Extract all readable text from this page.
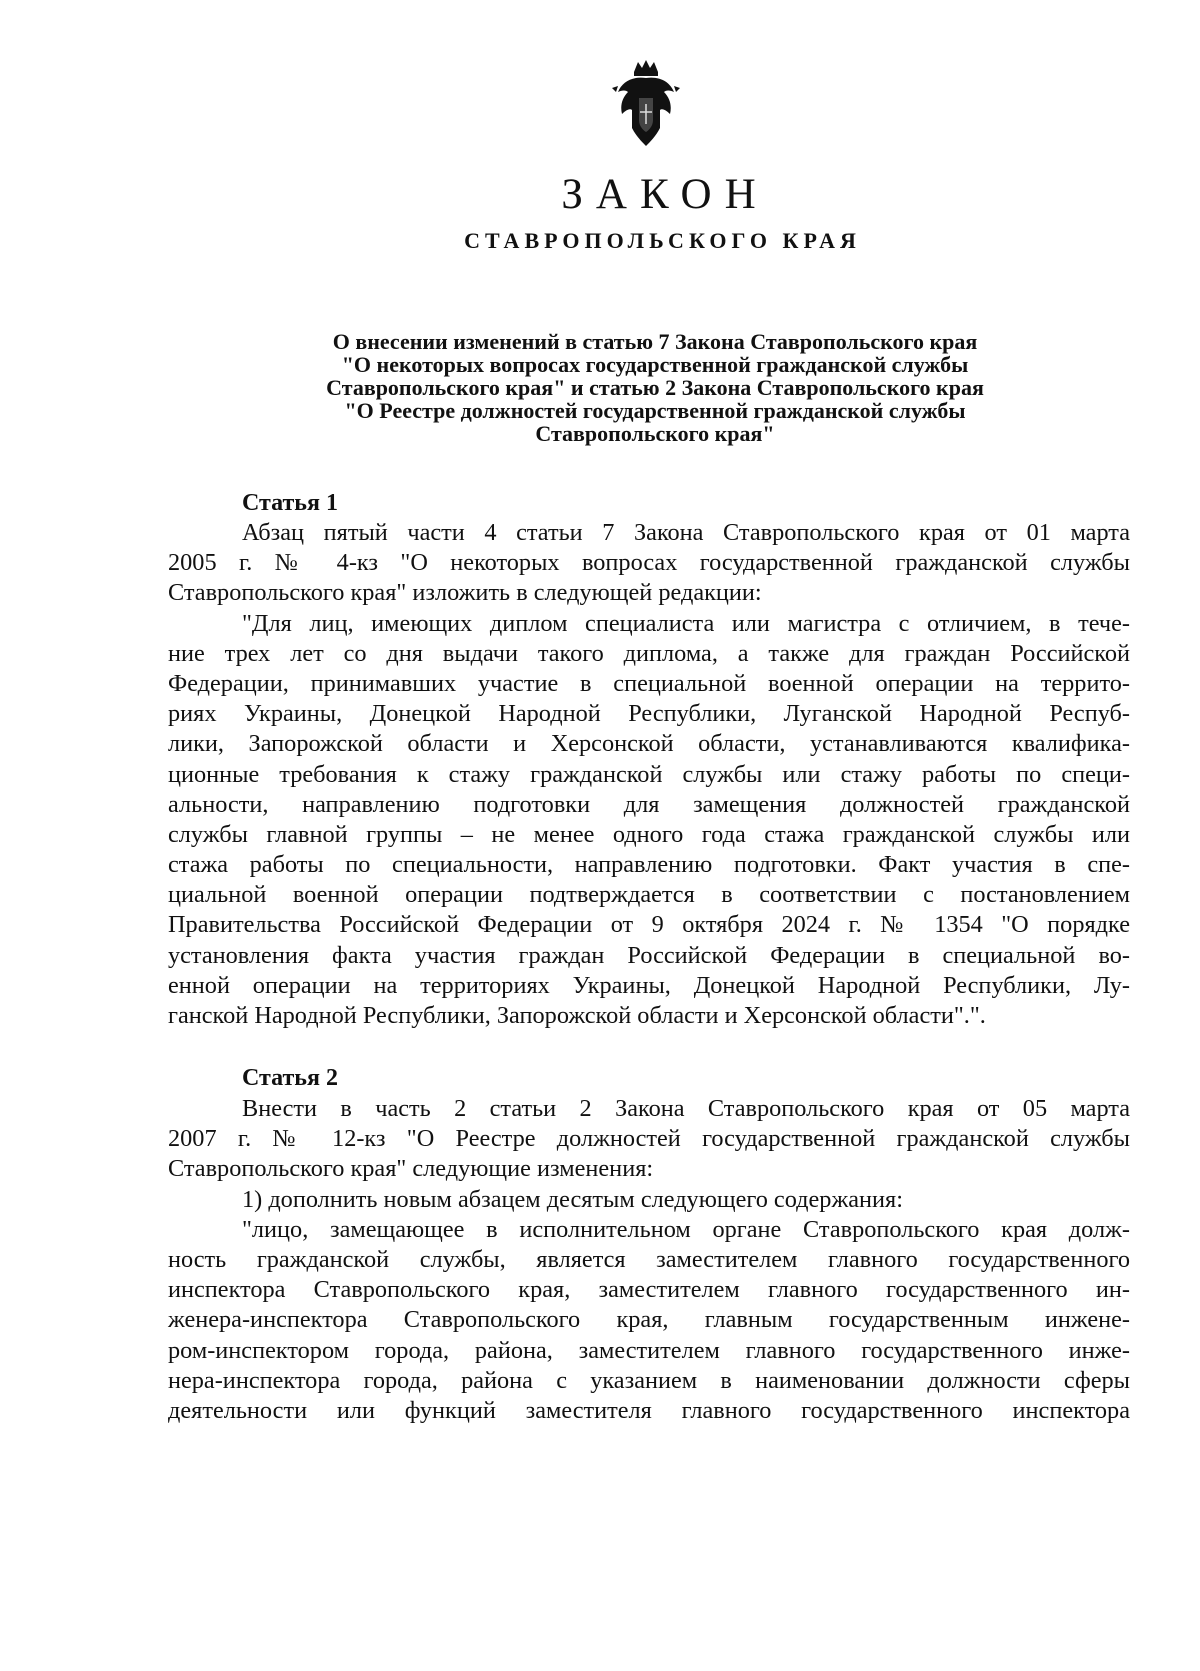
ЗАКОН
СТАВРОПОЛЬСКОГО КРАЯ
О внесении изменений в статью 7 Закона Ставропольского края
"О некоторых вопросах государственной гражданской службы
Ставропольского края" и статью 2 Закона Ставропольского края
"О Реестре должностей государственной гражданской службы
Ставропольского края"
Статья 1
Абзац пятый части 4 статьи 7 Закона Ставропольского края от 01 марта
2005 г. № 4-кз "О некоторых вопросах государственной гражданской службы
Ставропольского края" изложить в следующей редакции:
"Для лиц, имеющих диплом специалиста или магистра с отличием, в тече-
ние трех лет со дня выдачи такого диплома, а также для граждан Российской
Федерации, принимавших участие в специальной военной операции на террито-
риях Украины, Донецкой Народной Республики, Луганской Народной Респуб-
лики, Запорожской области и Херсонской области, устанавливаются квалифика-
ционные требования к стажу гражданской службы или стажу работы по специ-
альности, направлению подготовки для замещения должностей гражданской
службы главной группы – не менее одного года стажа гражданской службы или
стажа работы по специальности, направлению подготовки. Факт участия в спе-
циальной военной операции подтверждается в соответствии с постановлением
Правительства Российской Федерации от 9 октября 2024 г. № 1354 "О порядке
установления факта участия граждан Российской Федерации в специальной во-
енной операции на территориях Украины, Донецкой Народной Республики, Лу-
ганской Народной Республики, Запорожской области и Херсонской области".".
Статья 2
Внести в часть 2 статьи 2 Закона Ставропольского края от 05 марта
2007 г. № 12-кз "О Реестре должностей государственной гражданской службы
Ставропольского края" следующие изменения:
1) дополнить новым абзацем десятым следующего содержания:
"лицо, замещающее в исполнительном органе Ставропольского края долж-
ность гражданской службы, является заместителем главного государственного
инспектора Ставропольского края, заместителем главного государственного ин-
женера-инспектора Ставропольского края, главным государственным инжене-
ром-инспектором города, района, заместителем главного государственного инже-
нера-инспектора города, района с указанием в наименовании должности сферы
деятельности или функций заместителя главного государственного инспектора
